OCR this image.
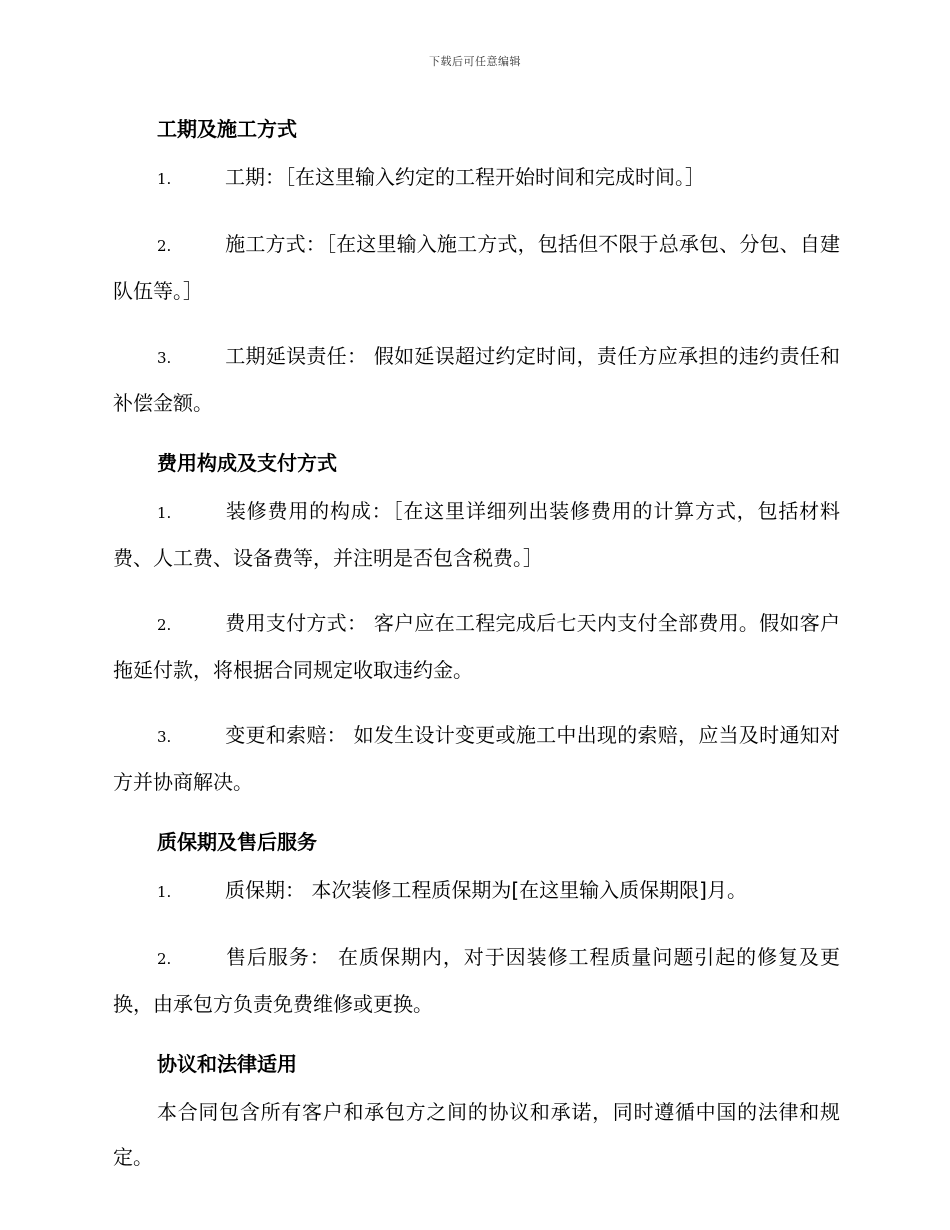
下载后可任意编辑
工期及施工方式

1.	工期：［在这里输入约定的工程开始时间和完成时间。］

2.	施工方式：［在这里输入施工方式，包括但不限于总承包、分包、自建队伍等。］

3.	工期延误责任： 假如延误超过约定时间，责任方应承担的违约责任和补偿金额。

费用构成及支付方式

1.	装修费用的构成：［在这里详细列出装修费用的计算方式，包括材料费、人工费、设备费等，并注明是否包含税费。］

2.	费用支付方式： 客户应在工程完成后七天内支付全部费用。假如客户拖延付款，将根据合同规定收取违约金。

3.	变更和索赔： 如发生设计变更或施工中出现的索赔，应当及时通知对方并协商解决。

质保期及售后服务

1.	质保期： 本次装修工程质保期为[在这里输入质保期限]月。

2.	售后服务： 在质保期内，对于因装修工程质量问题引起的修复及更换，由承包方负责免费维修或更换。

协议和法律适用

本合同包含所有客户和承包方之间的协议和承诺，同时遵循中国的法律和规定。
